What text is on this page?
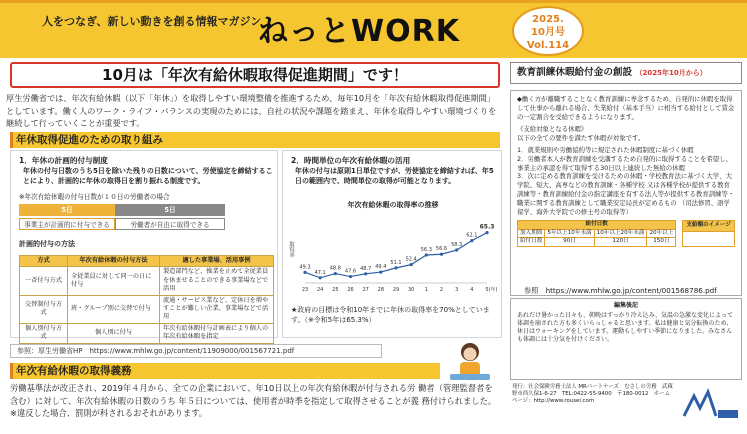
人をつなぎ、新しい動きを創る情報マガジン
ねっとWORK	2025.
10月号
Vol.114
10月は「年次有給休暇取得促進期間」です！
厚生労働省では、年次有給休暇（以下「年休」）を取得しやすい環境整備を推進するため、毎年10月を「年次有給休暇取得促進期間」としています。働く人のワーク・ライフ・バランスの実現のためには、自社の状況や課題を踏まえ、年休を取得しやすい環境づくりを継続して行っていくことが重要です。
年休取得促進のための取り組み
1．年休の計画的付与制度
年休の付与日数のうち5日を除いた残りの日数について、労使協定を締結することにより、計画的に年休の取得日を割り振れる制度です。
※年次有給休暇の付与日数が１０日の労働者の場合
5日	5日
事業主が計画的に付与できる	労働者が自由に取得できる
計画的付与の方法
方式	年次有給休暇の付与方法	適した事業場、活用事例
一斉付与方式	全従業員に対して同一の日に付与	製造部門など、操業を止めて全従業員を休ませることのできる事業場などで活用
交替制付与方式	班・グループ別に交替で付与	流通・サービス業など、定休日を増やすことが難しい企業、事業場などで活用
個人別付与方式	個人別に付与	年次有給休暇付与計画表により個人の年次有給休暇を指定
2．時間単位の年次有給休暇の活用
年休の付与は原則1日単位ですが、労使協定を締結すれば、年5日の範囲内で、時間単位の取得が可能となります。
年次有給休暇の取得率の推移
取得率
49.3
23
47.1
24
48.8
25
47.6
26
48.7
27
49.4
28
51.1
29
52.4
30
56.3
1
56.6
2
58.3
3
62.1
4
65.3
5 (年)
★政府の目標は令和10年までに年休の取得率を70%としています。（※令和5年は65.3%）
参照：厚生労働省HP　https://www.mhlw.go.jp/content/11909000/001567721.pdf
年次有給休暇の取得義務
労働基準法が改正され、2019年４月から、全ての企業において、年10日以上の年次有給休暇が付与される労 働者（管理監督者を含む）に対して、年次有給休暇の日数のうち 年５日については、使用者が時季を指定して取得させることが義 務付けられました。※違反した場合、罰則が科されるおそれがあります。
教育訓練休暇給付金の創設 （2025年10月から）
◆働く方が離職することなく教育訓練に専念するため、自発的に休暇を取得して仕事から離れる場合、失業給付（基本手当）に相当する給付として賃金の一定割合を受給できるようになります。
《支給対象となる休暇》
以下の全ての要件を満たす休暇が対象です。
1．就業規則や労働協約等に規定された休暇制度に基づく休暇
2．労働者本人が教育訓練を受講するため自発的に取得することを希望し、事業主の承認を得て取得する30日以上連続した無給の休暇
3．次に定める教育訓練を受けるための休暇・学校教育法に基づく大学、大学院、短大、高専などの教育訓練・各種学校 又は各種学校が提供する教育訓練等・教育訓練給付金の指定講座を有する法人等が提供する教育訓練等・職業に関する教育訓練として職業安定局長が定めるもの （司法修習、語学留学、海外大学院での修士号の取得等）
給付日数			
加入期間	5年以上10年未満	10年以上20年未満	20年以上
給付日数	90日	120日	150日
支給額のイメージ

参照　https://www.mhlw.go.jp/content/001568786.pdf
編集後記
あれだけ暑かった日々も、朝晩はすっかり冷え込み、気温の急激な変化によって体調を崩された方も多くいらっしゃると思います。私は健康と気分転換のため、休日はウォーキングをしています。運動もしやすい季節になりました。みなさんも体調には十分気を付けください。
発行：社会保険労務士法人 MRパートナーズ　むさしの労務　武蔵野市西久保1-6-27　TEL:0422-55-9400　〒180-0012　ホームページ：http://www.rousei.com
